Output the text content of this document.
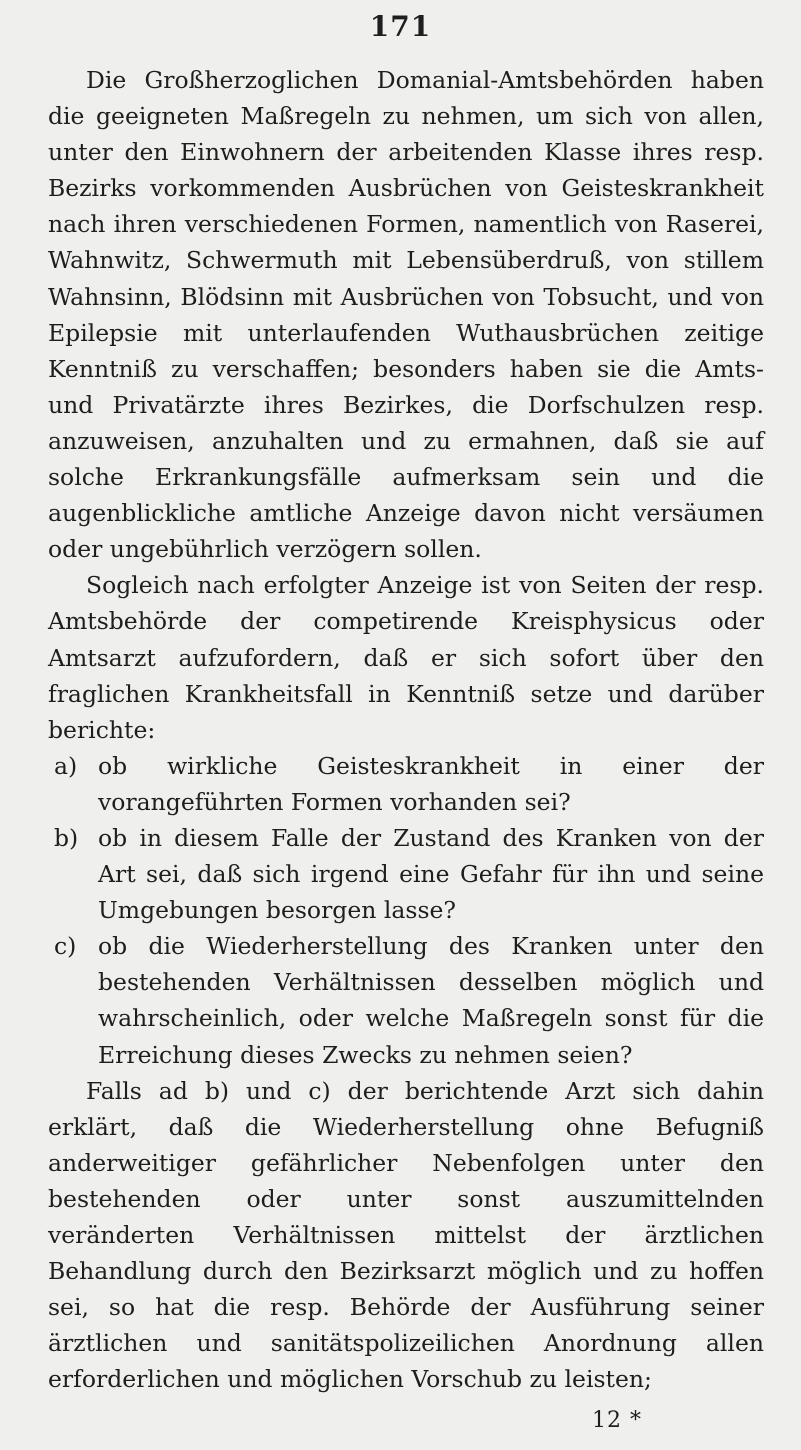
171

Die Großherzoglichen Domanial-Amtsbehörden haben die geeigneten Maßregeln zu nehmen, um sich von allen, unter den Einwohnern der arbeitenden Klasse ihres resp. Bezirks vorkommenden Ausbrüchen von Geisteskrankheit nach ihren verschiedenen Formen, namentlich von Raserei, Wahnwitz, Schwermuth mit Lebensüberdruß, von stillem Wahnsinn, Blödsinn mit Ausbrüchen von Tobsucht, und von Epilepsie mit unterlaufenden Wuthausbrüchen zeitige Kenntniß zu verschaffen; besonders haben sie die Amts- und Privatärzte ihres Bezirkes, die Dorfschulzen resp. anzuweisen, anzuhalten und zu ermahnen, daß sie auf solche Erkrankungsfälle aufmerksam sein und die augenblickliche amtliche Anzeige davon nicht versäumen oder ungebührlich verzögern sollen.

Sogleich nach erfolgter Anzeige ist von Seiten der resp. Amtsbehörde der competirende Kreisphysicus oder Amtsarzt aufzufordern, daß er sich sofort über den fraglichen Krankheitsfall in Kenntniß setze und darüber berichte:

a) ob wirkliche Geisteskrankheit in einer der vorangeführten Formen vorhanden sei?
b) ob in diesem Falle der Zustand des Kranken von der Art sei, daß sich irgend eine Gefahr für ihn und seine Umgebungen besorgen lasse?
c) ob die Wiederherstellung des Kranken unter den bestehenden Verhältnissen desselben möglich und wahrscheinlich, oder welche Maßregeln sonst für die Erreichung dieses Zwecks zu nehmen seien?

Falls ad b) und c) der berichtende Arzt sich dahin erklärt, daß die Wiederherstellung ohne Befugniß anderweitiger gefährlicher Nebenfolgen unter den bestehenden oder unter sonst auszumittelnden veränderten Verhältnissen mittelst der ärztlichen Behandlung durch den Bezirksarzt möglich und zu hoffen sei, so hat die resp. Behörde der Ausführung seiner ärztlichen und sanitätspolizeilichen Anordnung allen erforderlichen und möglichen Vorschub zu leisten;

12 *
